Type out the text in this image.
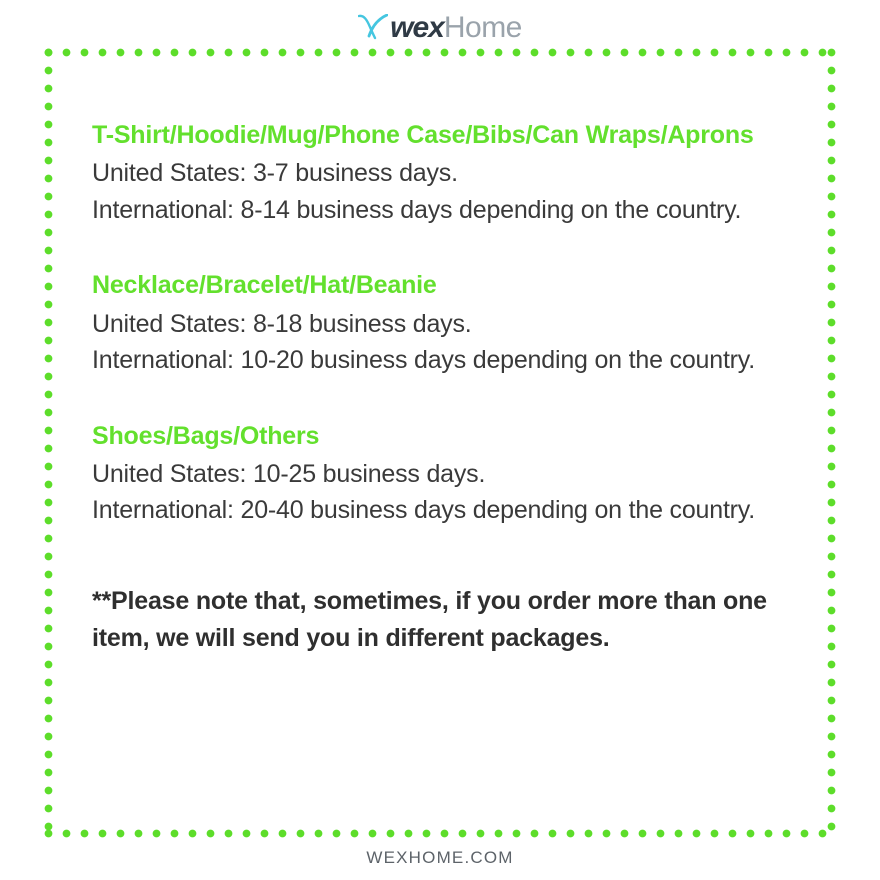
wex Home
T-Shirt/Hoodie/Mug/Phone Case/Bibs/Can Wraps/Aprons
United States: 3-7 business days.
International: 8-14 business days depending on the country.
Necklace/Bracelet/Hat/Beanie
United States: 8-18 business days.
International: 10-20 business days depending on the country.
Shoes/Bags/Others
United States: 10-25 business days.
International: 20-40 business days depending on the country.
**Please note that, sometimes, if you order more than one item, we will send you in different packages.
WEXHOME.COM
